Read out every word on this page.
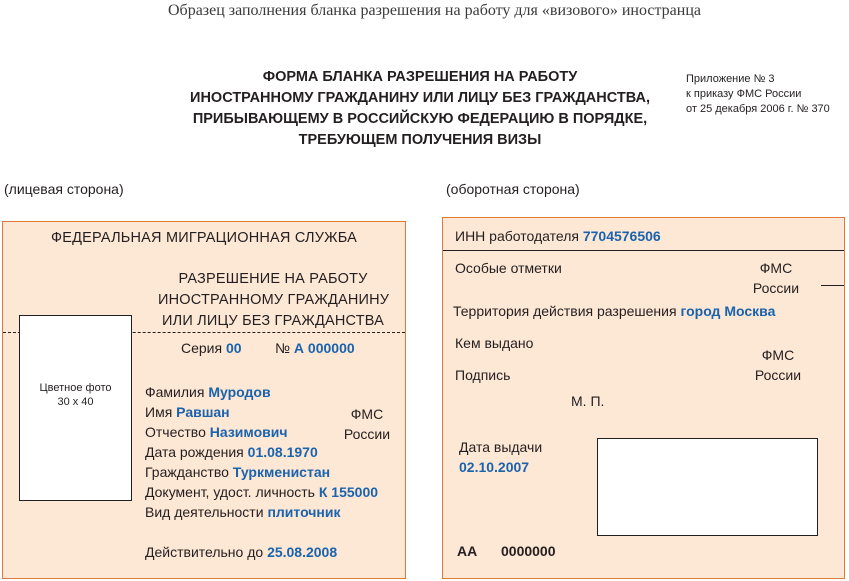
Образец заполнения бланка разрешения на работу для «визового» иностранца
ФОРМА БЛАНКА РАЗРЕШЕНИЯ НА РАБОТУ
ИНОСТРАННОМУ ГРАЖДАНИНУ ИЛИ ЛИЦУ БЕЗ ГРАЖДАНСТВА,
ПРИБЫВАЮЩЕМУ В РОССИЙСКУЮ ФЕДЕРАЦИЮ В ПОРЯДКЕ,
ТРЕБУЮЩЕМ ПОЛУЧЕНИЯ ВИЗЫ
Приложение № 3
к приказу ФМС России
от 25 декабря 2006 г. № 370
(лицевая сторона)	(оборотная сторона)
ФЕДЕРАЛЬНАЯ МИГРАЦИОННАЯ СЛУЖБА
РАЗРЕШЕНИЕ НА РАБОТУ
ИНОСТРАННОМУ ГРАЖДАНИНУ
ИЛИ ЛИЦУ БЕЗ ГРАЖДАНСТВА
Цветное фото
30 х 40
Серия 00 № А 000000
ФМС
России
Фамилия Муродов
Имя Равшан
Отчество Назимович
Дата рождения 01.08.1970
Гражданство Туркменистан
Документ, удост. личность К 155000
Вид деятельности плиточник
Действительно до 25.08.2008
ИНН работодателя 7704576506
Особые отметки	ФМС
России
Территория действия разрешения город Москва
Кем выдано
ФМС
России
Подпись
М. П.
Дата выдачи
02.10.2007
АА 0000000
